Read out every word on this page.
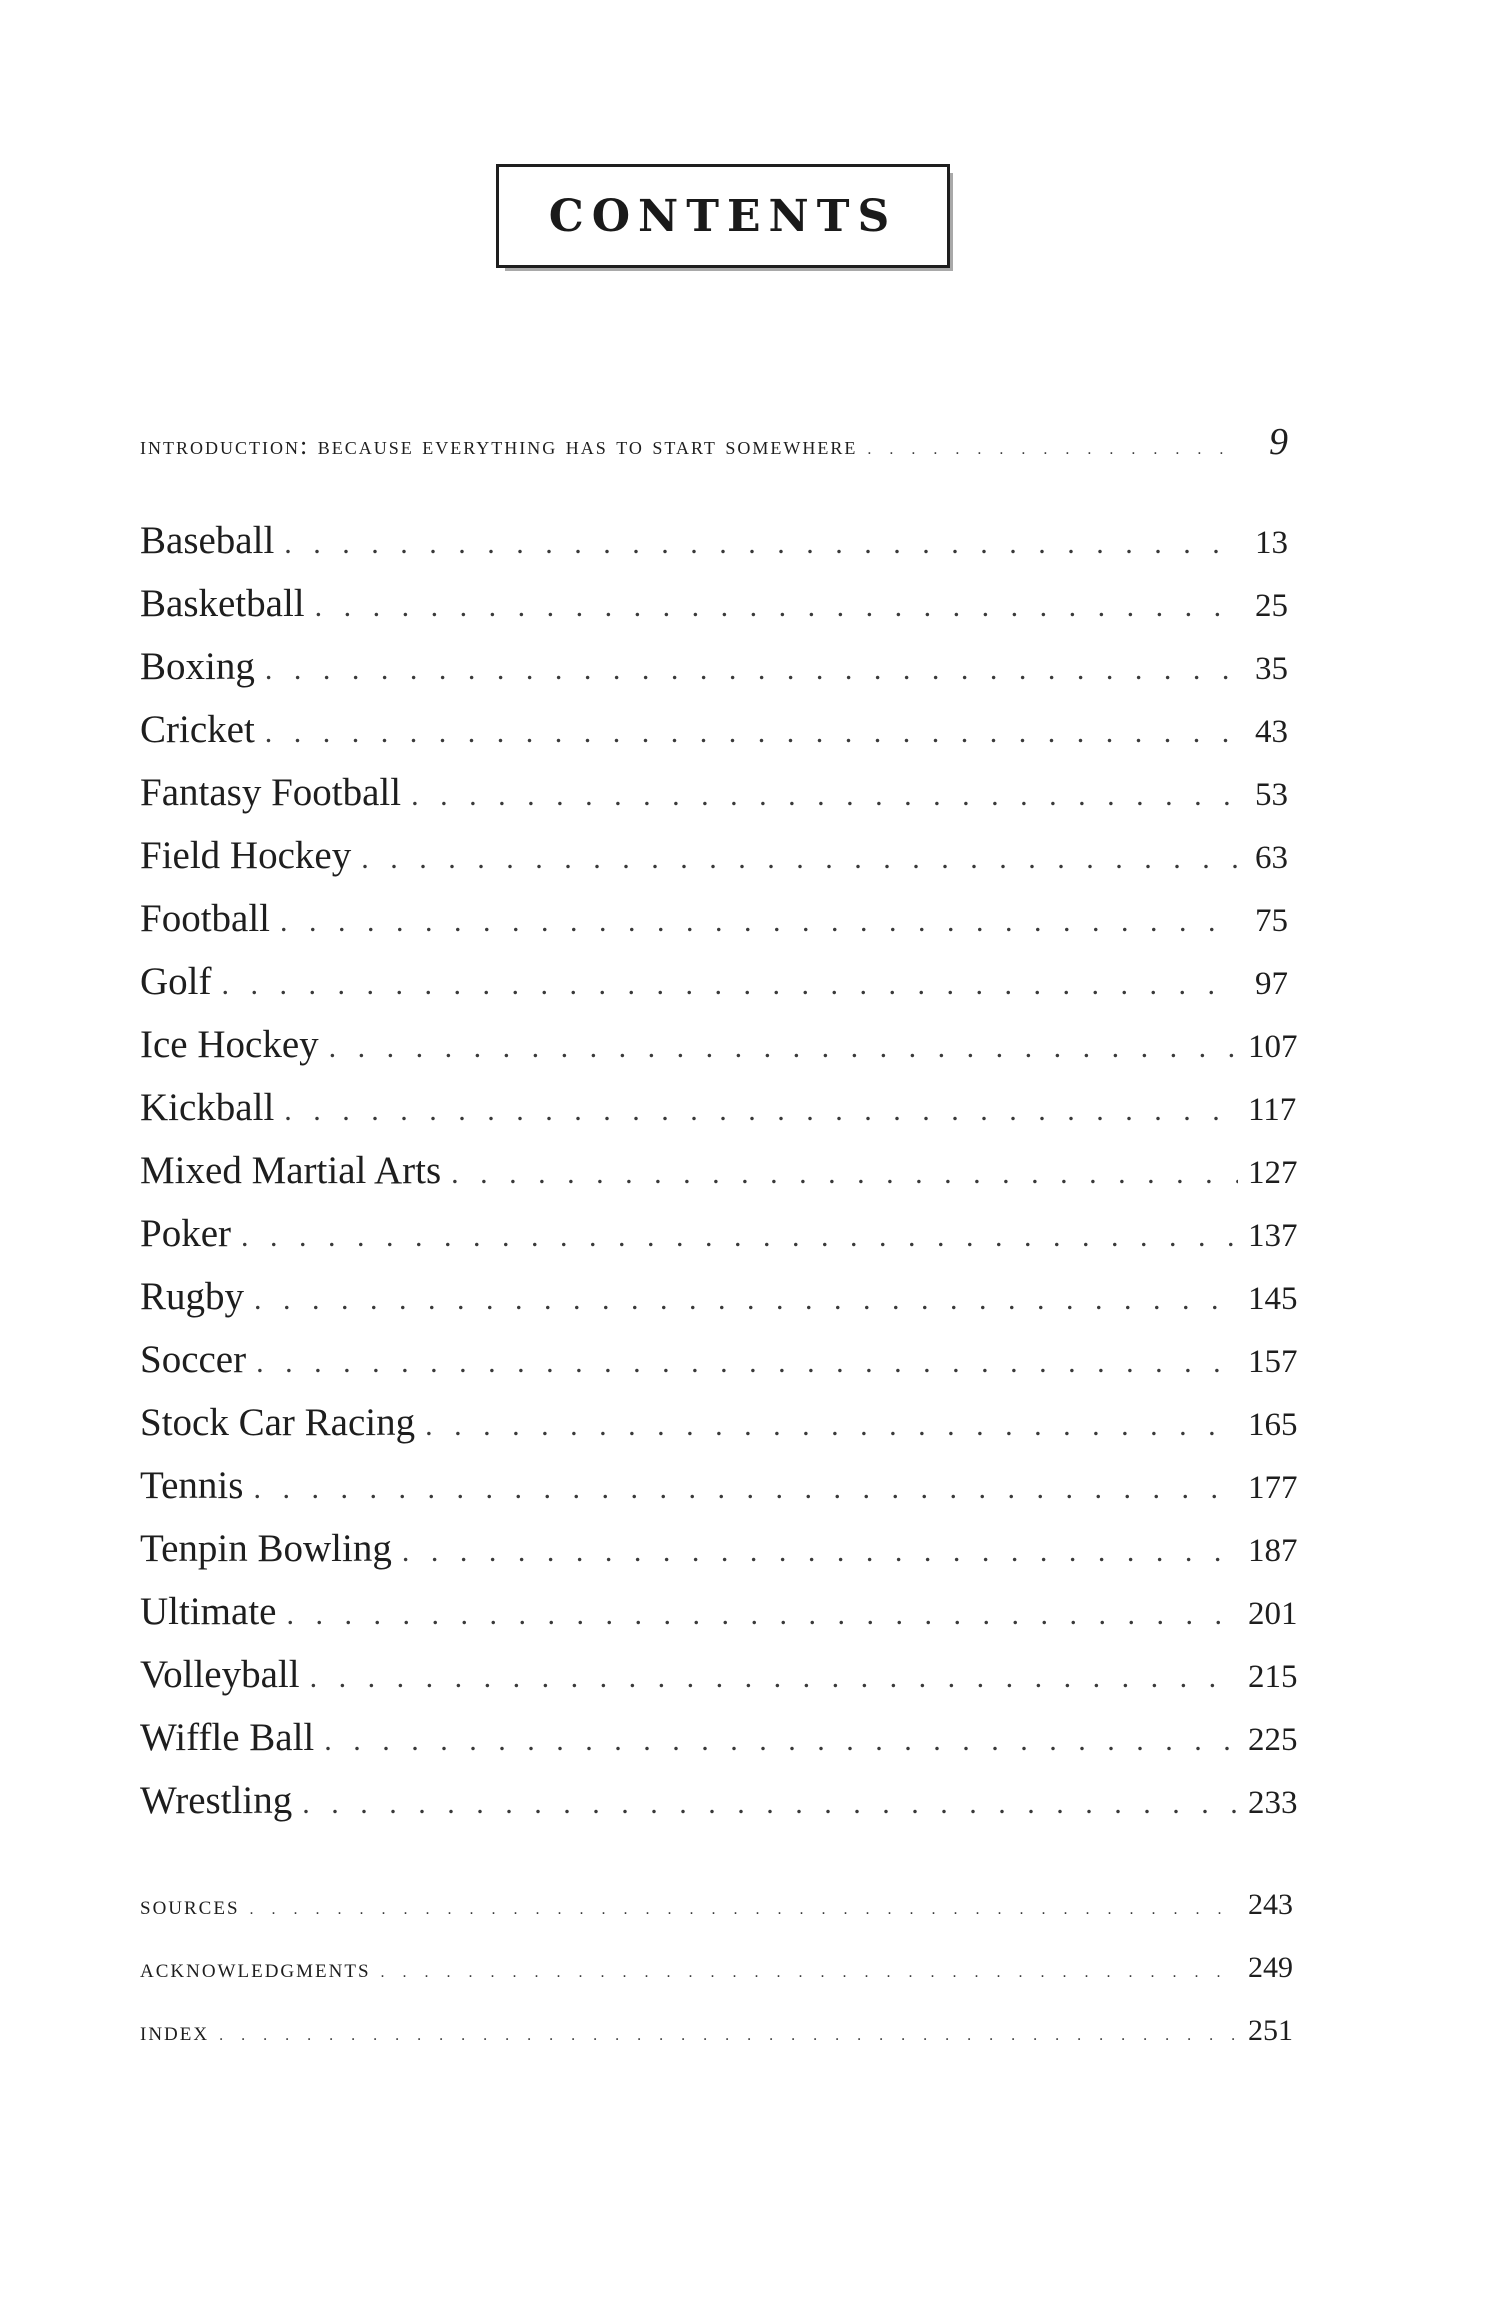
CONTENTS
introduction: because everything has to start somewhere . . .	9
Baseball . . .	13
Basketball . . .	25
Boxing . . .	35
Cricket . . .	43
Fantasy Football . . .	53
Field Hockey . . .	63
Football . . .	75
Golf . . .	97
Ice Hockey . . .	107
Kickball . . .	117
Mixed Martial Arts . . .	127
Poker . . .	137
Rugby . . .	145
Soccer . . .	157
Stock Car Racing . . .	165
Tennis . . .	177
Tenpin Bowling . . .	187
Ultimate . . .	201
Volleyball . . .	215
Wiffle Ball . . .	225
Wrestling . . .	233
sources . . .	243
acknowledgments . . .	249
index . . .	251
